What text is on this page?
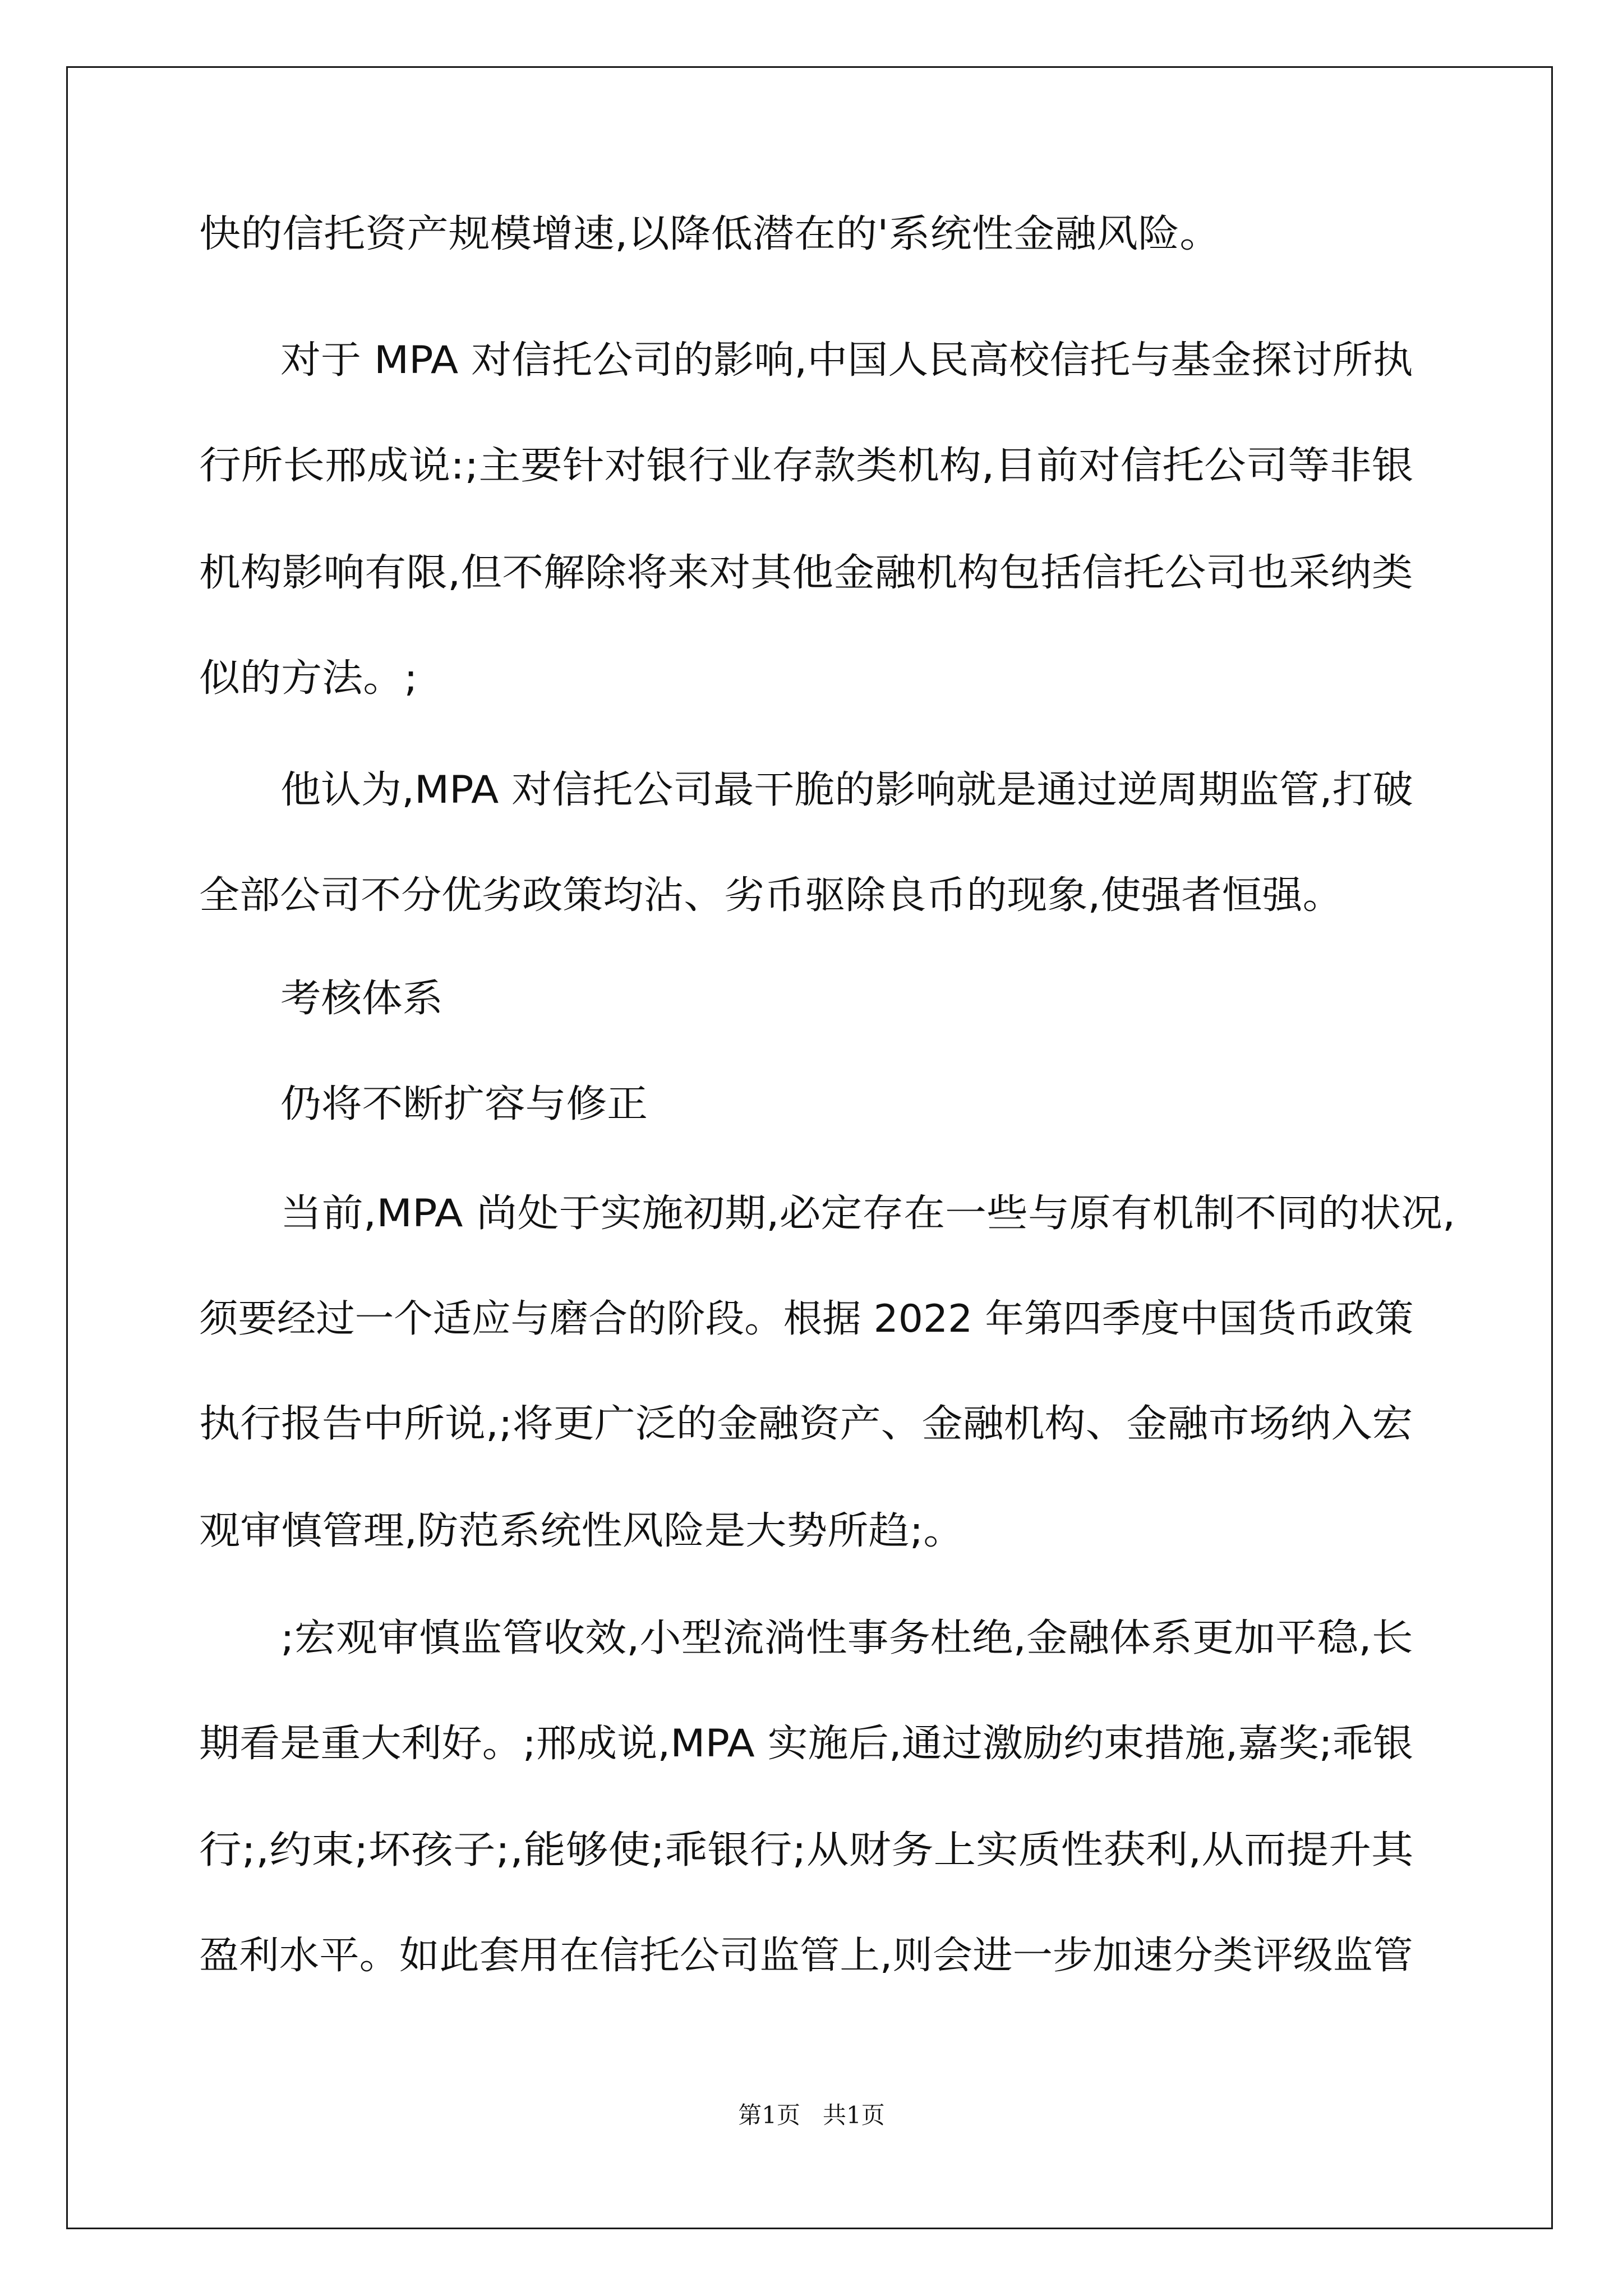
快的信托资产规模增速,以降低潜在的'系统性金融风险。
对于 MPA 对信托公司的影响,中国人民高校信托与基金探讨所执
行所长邢成说:;主要针对银行业存款类机构,目前对信托公司等非银
机构影响有限,但不解除将来对其他金融机构包括信托公司也采纳类
似的方法。;
他认为,MPA 对信托公司最干脆的影响就是通过逆周期监管,打破
全部公司不分优劣政策均沾、劣币驱除良币的现象,使强者恒强。
考核体系
仍将不断扩容与修正
当前,MPA 尚处于实施初期,必定存在一些与原有机制不同的状况,
须要经过一个适应与磨合的阶段。根据 2022 年第四季度中国货币政策
执行报告中所说,;将更广泛的金融资产、金融机构、金融市场纳入宏
观审慎管理,防范系统性风险是大势所趋;。
;宏观审慎监管收效,小型流淌性事务杜绝,金融体系更加平稳,长
期看是重大利好。;邢成说,MPA 实施后,通过激励约束措施,嘉奖;乖银
行;,约束;坏孩子;,能够使;乖银行;从财务上实质性获利,从而提升其
盈利水平。如此套用在信托公司监管上,则会进一步加速分类评级监管
第1页   共1页
